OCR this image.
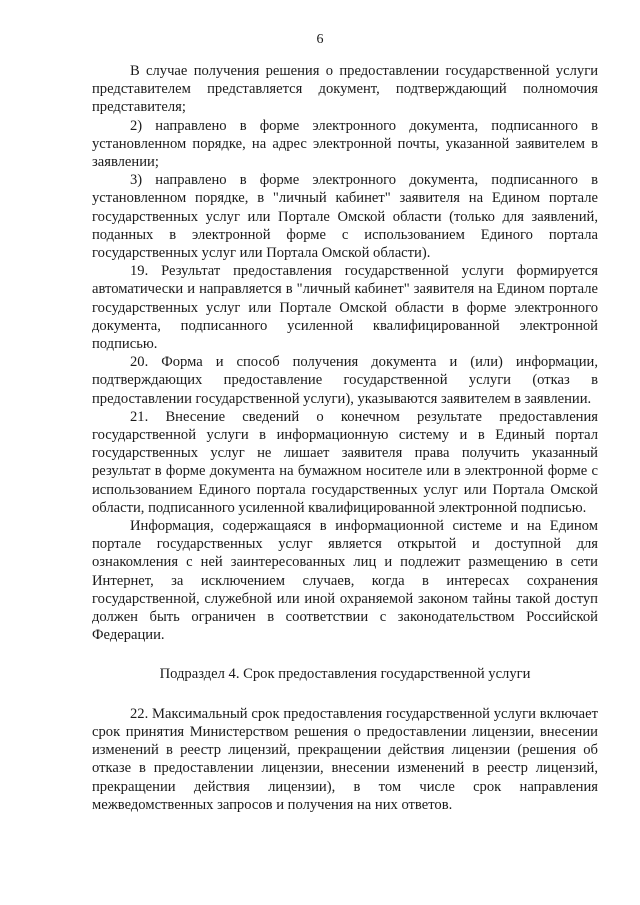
6

В случае получения решения о предоставлении государственной услуги представителем представляется документ, подтверждающий полномочия представителя;

2) направлено в форме электронного документа, подписанного в установленном порядке, на адрес электронной почты, указанной заявителем в заявлении;

3) направлено в форме электронного документа, подписанного в установленном порядке, в "личный кабинет" заявителя на Едином портале государственных услуг или Портале Омской области (только для заявлений, поданных в электронной форме с использованием Единого портала государственных услуг или Портала Омской области).

19. Результат предоставления государственной услуги формируется автоматически и направляется в "личный кабинет" заявителя на Едином портале государственных услуг или Портале Омской области в форме электронного документа, подписанного усиленной квалифицированной электронной подписью.

20. Форма и способ получения документа и (или) информации, подтверждающих предоставление государственной услуги (отказ в предоставлении государственной услуги), указываются заявителем в заявлении.

21. Внесение сведений о конечном результате предоставления государственной услуги в информационную систему и в Единый портал государственных услуг не лишает заявителя права получить указанный результат в форме документа на бумажном носителе или в электронной форме с использованием Единого портала государственных услуг или Портала Омской области, подписанного усиленной квалифицированной электронной подписью.

Информация, содержащаяся в информационной системе и на Едином портале государственных услуг является открытой и доступной для ознакомления с ней заинтересованных лиц и подлежит размещению в сети Интернет, за исключением случаев, когда в интересах сохранения государственной, служебной или иной охраняемой законом тайны такой доступ должен быть ограничен в соответствии с законодательством Российской Федерации.

Подраздел 4. Срок предоставления государственной услуги

22. Максимальный срок предоставления государственной услуги включает срок принятия Министерством решения о предоставлении лицензии, внесении изменений в реестр лицензий, прекращении действия лицензии (решения об отказе в предоставлении лицензии, внесении изменений в реестр лицензий, прекращении действия лицензии), в том числе срок направления межведомственных запросов и получения на них ответов.
